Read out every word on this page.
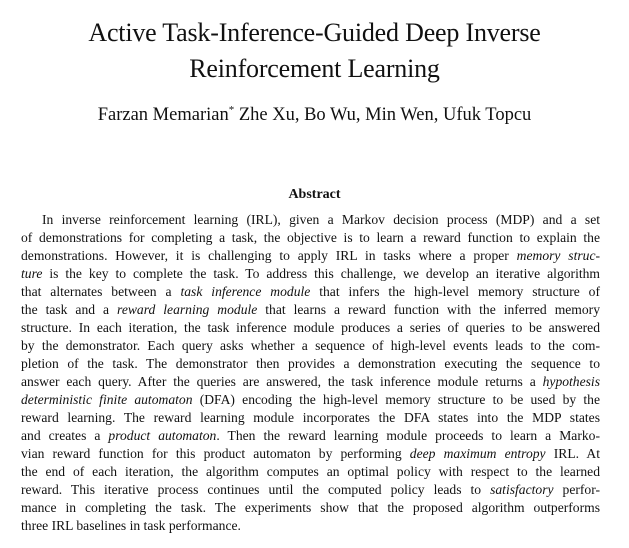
Active Task-Inference-Guided Deep Inverse
Reinforcement Learning
Farzan Memarian* Zhe Xu, Bo Wu, Min Wen, Ufuk Topcu
Abstract
In inverse reinforcement learning (IRL), given a Markov decision process (MDP) and a set
of demonstrations for completing a task, the objective is to learn a reward function to explain the
demonstrations. However, it is challenging to apply IRL in tasks where a proper memory struc-
ture is the key to complete the task. To address this challenge, we develop an iterative algorithm
that alternates between a task inference module that infers the high-level memory structure of
the task and a reward learning module that learns a reward function with the inferred memory
structure. In each iteration, the task inference module produces a series of queries to be answered
by the demonstrator. Each query asks whether a sequence of high-level events leads to the com-
pletion of the task. The demonstrator then provides a demonstration executing the sequence to
answer each query. After the queries are answered, the task inference module returns a hypothesis
deterministic finite automaton (DFA) encoding the high-level memory structure to be used by the
reward learning. The reward learning module incorporates the DFA states into the MDP states
and creates a product automaton. Then the reward learning module proceeds to learn a Marko-
vian reward function for this product automaton by performing deep maximum entropy IRL. At
the end of each iteration, the algorithm computes an optimal policy with respect to the learned
reward. This iterative process continues until the computed policy leads to satisfactory perfor-
mance in completing the task. The experiments show that the proposed algorithm outperforms
three IRL baselines in task performance.
